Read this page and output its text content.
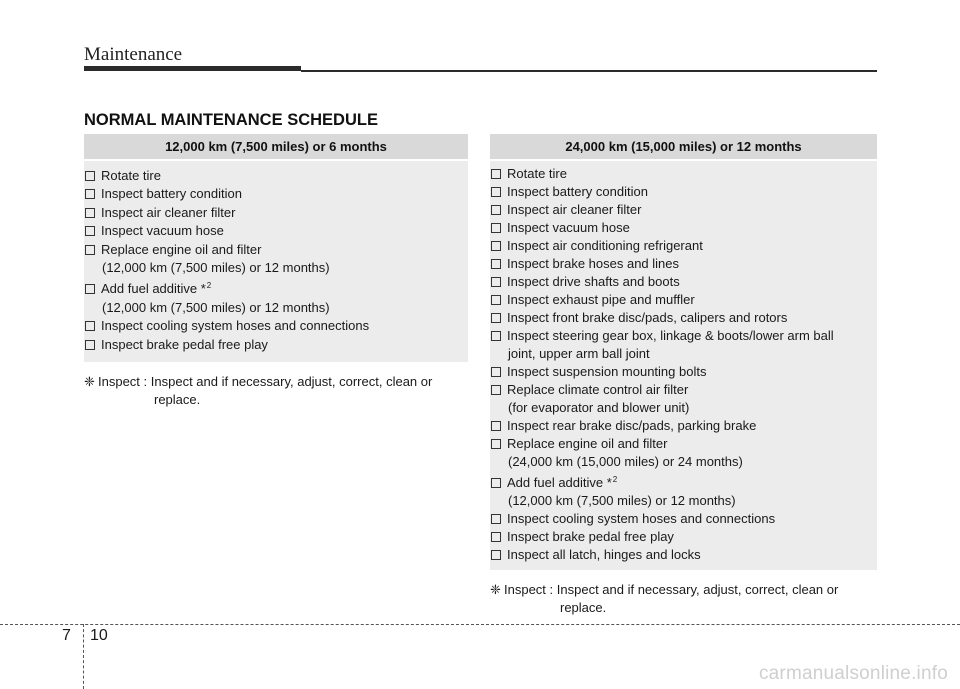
Maintenance
NORMAL MAINTENANCE SCHEDULE
12,000 km (7,500 miles) or 6 months
Rotate tire
Inspect battery condition
Inspect air cleaner filter
Inspect vacuum hose
Replace engine oil and filter
(12,000 km (7,500 miles) or 12 months)
Add fuel additive *$^2$
(12,000 km (7,500 miles) or 12 months)
Inspect cooling system hoses and connections
Inspect brake pedal free play
❈ Inspect : Inspect and if necessary, adjust, correct, clean or
replace.
24,000 km (15,000 miles) or 12 months
Rotate tire
Inspect battery condition
Inspect air cleaner filter
Inspect vacuum hose
Inspect air conditioning refrigerant
Inspect brake hoses and lines
Inspect drive shafts and boots
Inspect exhaust pipe and muffler
Inspect front brake disc/pads, calipers and rotors
Inspect steering gear box, linkage & boots/lower arm ball
joint, upper arm ball joint
Inspect suspension mounting bolts
Replace climate control air filter
(for evaporator and blower unit)
Inspect rear brake disc/pads, parking brake
Replace engine oil and filter
(24,000 km (15,000 miles) or 24 months)
Add fuel additive *$^2$
(12,000 km (7,500 miles) or 12 months)
Inspect cooling system hoses and connections
Inspect brake pedal free play
Inspect all latch, hinges and locks
❈ Inspect : Inspect and if necessary, adjust, correct, clean or
replace.
7 10
carmanualsonline.info
